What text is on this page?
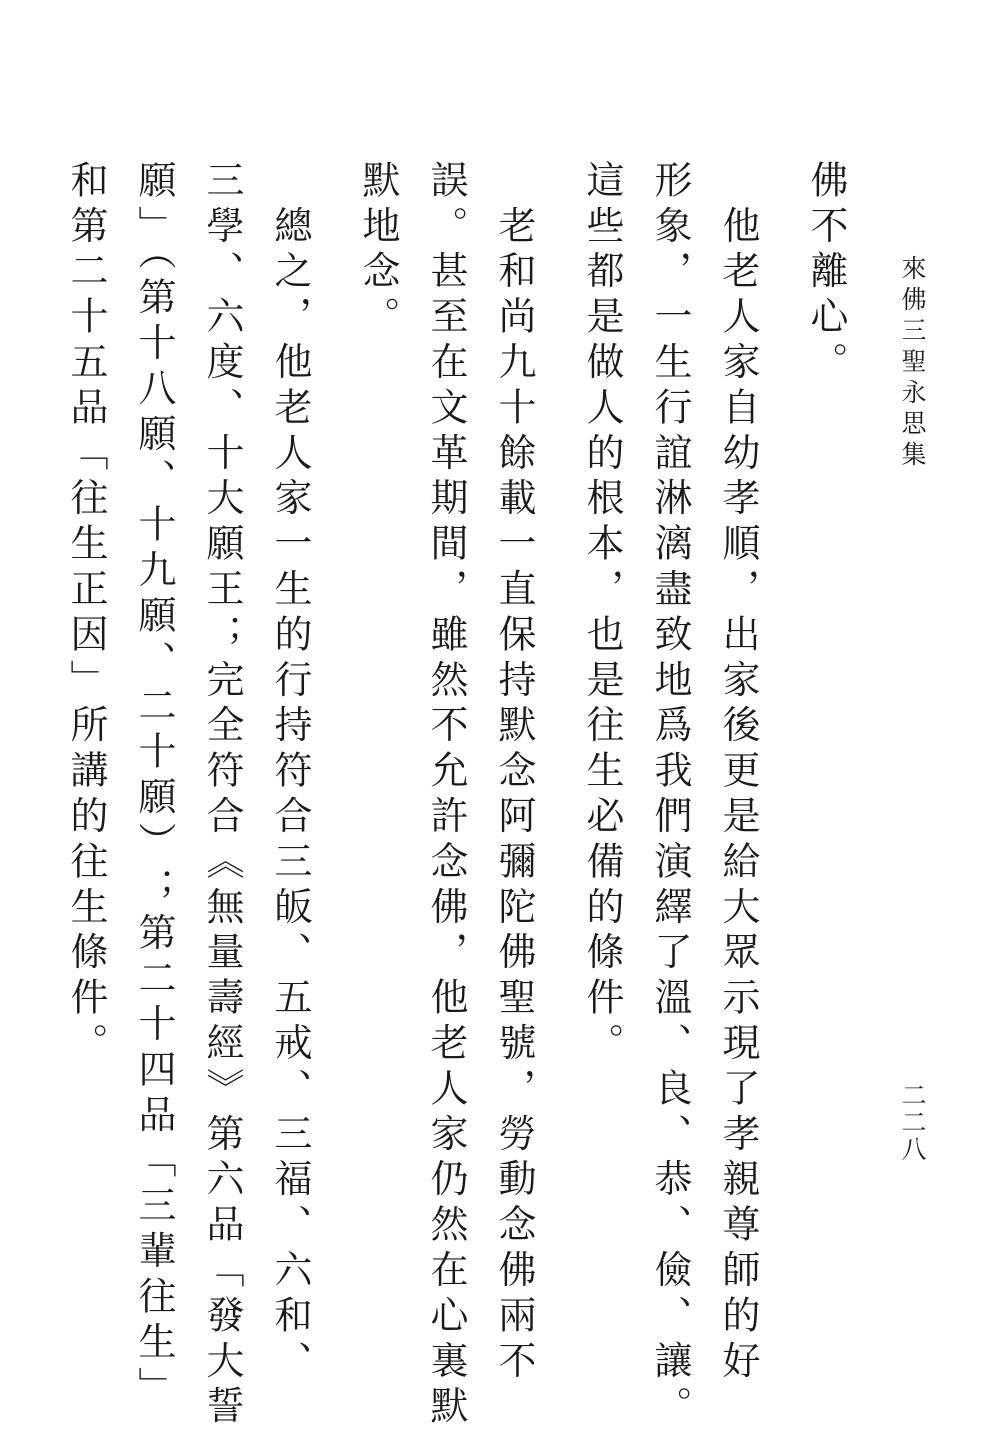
來佛三聖永思集
二二八
佛不離心。
　他老人家自幼孝順，出家後更是給大眾示現了孝親尊師的好
形象，一生行誼淋漓盡致地爲我們演繹了溫、良、恭、儉、讓。
這些都是做人的根本，也是往生必備的條件。
　老和尚九十餘載一直保持默念阿彌陀佛聖號，勞動念佛兩不
誤。甚至在文革期間，雖然不允許念佛，他老人家仍然在心裏默
默地念。
　總之，他老人家一生的行持符合三皈、五戒、三福、六和、
三學、六度、十大願王；完全符合《無量壽經》第六品「發大誓
願」（第十八願、十九願、二十願）；第二十四品「三輩往生」
和第二十五品「往生正因」所講的往生條件。
